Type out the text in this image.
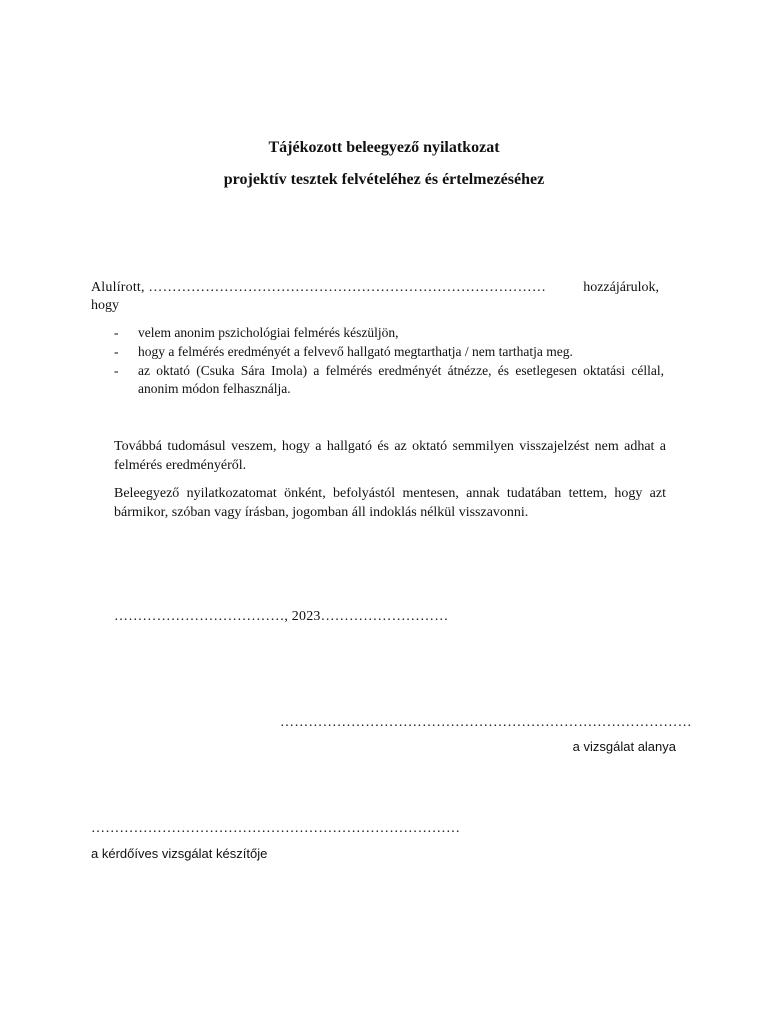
Tájékozott beleegyező nyilatkozat
projektív tesztek felvételéhez és értelmezéséhez
Alulírott, …………………………………………………………………………	hozzájárulok,
hogy
- velem anonim pszichológiai felmérés készüljön,
- hogy a felmérés eredményét a felvevő hallgató megtarthatja / nem tarthatja meg.
- az oktató (Csuka Sára Imola) a felmérés eredményét átnézze, és esetlegesen oktatási céllal, anonim módon felhasználja.
Továbbá tudomásul veszem, hogy a hallgató és az oktató semmilyen visszajelzést nem adhat a felmérés eredményéről.
Beleegyező nyilatkozatomat önként, befolyástól mentesen, annak tudatában tettem, hogy azt bármikor, szóban vagy írásban, jogomban áll indoklás nélkül visszavonni.
………………………………, 2023………………………
……………………………………………………………………………
a vizsgálat alanya
……………………………………………………………………
a kérdőíves vizsgálat készítője
